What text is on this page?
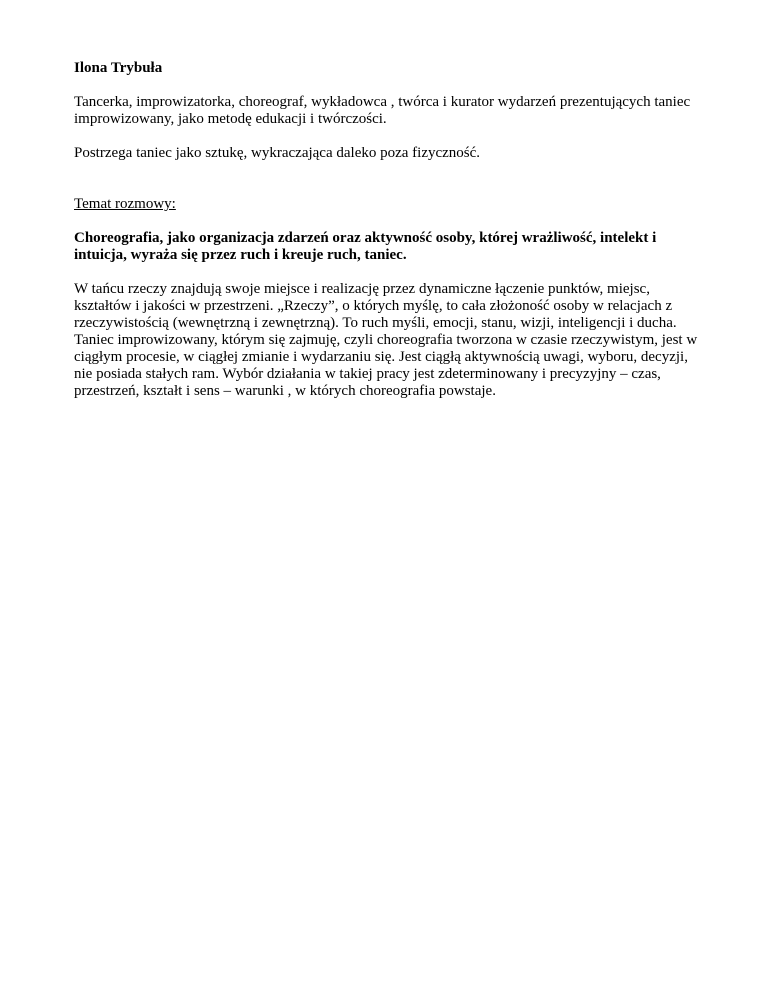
Ilona Trybuła

Tancerka, improwizatorka, choreograf, wykładowca , twórca i kurator wydarzeń prezentujących taniec improwizowany, jako metodę edukacji i twórczości.

Postrzega taniec jako sztukę, wykraczająca daleko poza fizyczność.

Temat rozmowy:

Choreografia, jako organizacja zdarzeń oraz aktywność osoby, której wrażliwość, intelekt i intuicja, wyraża się przez ruch i kreuje ruch, taniec.

W tańcu rzeczy znajdują swoje miejsce i realizację przez dynamiczne łączenie punktów, miejsc, kształtów i jakości w przestrzeni. „Rzeczy”, o których myślę, to cała złożoność osoby w relacjach z rzeczywistością (wewnętrzną i zewnętrzną). To ruch myśli, emocji, stanu, wizji, inteligencji i ducha. Taniec improwizowany, którym się zajmuję, czyli choreografia tworzona w czasie rzeczywistym, jest w ciągłym procesie, w ciągłej zmianie i wydarzaniu się. Jest ciągłą aktywnością uwagi, wyboru, decyzji, nie posiada stałych ram. Wybór działania w takiej pracy jest zdeterminowany i precyzyjny – czas, przestrzeń, kształt i sens – warunki , w których choreografia powstaje.
